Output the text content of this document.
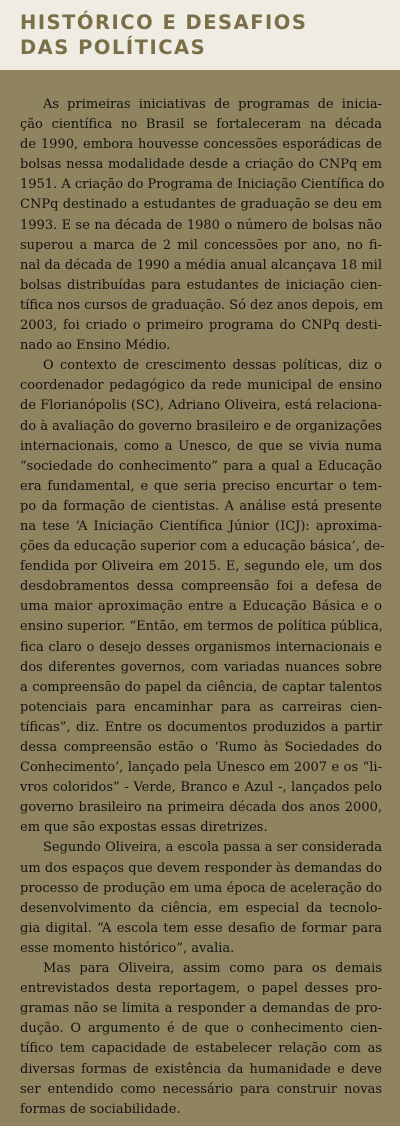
HISTÓRICO E DESAFIOS
DAS POLÍTICAS

As primeiras iniciativas de programas de inicia-
ção científica no Brasil se fortaleceram na década
de 1990, embora houvesse concessões esporádicas de
bolsas nessa modalidade desde a criação do CNPq em
1951. A criação do Programa de Iniciação Científica do
CNPq destinado a estudantes de graduação se deu em
1993. E se na década de 1980 o número de bolsas não
superou a marca de 2 mil concessões por ano, no fi-
nal da década de 1990 a média anual alcançava 18 mil
bolsas distribuídas para estudantes de iniciação cien-
tífica nos cursos de graduação. Só dez anos depois, em
2003, foi criado o primeiro programa do CNPq desti-
nado ao Ensino Médio.

O contexto de crescimento dessas políticas, diz o
coordenador pedagógico da rede municipal de ensino
de Florianópolis (SC), Adriano Oliveira, está relaciona-
do à avaliação do governo brasileiro e de organizações
internacionais, como a Unesco, de que se vivia numa
“sociedade do conhecimento” para a qual a Educação
era fundamental, e que seria preciso encurtar o tem-
po da formação de cientistas. A análise está presente
na tese ‘A Iniciação Científica Júnior (ICJ): aproxima-
ções da educação superior com a educação básica’, de-
fendida por Oliveira em 2015. E, segundo ele, um dos
desdobramentos dessa compreensão foi a defesa de
uma maior aproximação entre a Educação Básica e o
ensino superior. “Então, em termos de política pública,
fica claro o desejo desses organismos internacionais e
dos diferentes governos, com variadas nuances sobre
a compreensão do papel da ciência, de captar talentos
potenciais para encaminhar para as carreiras cien-
tíficas”, diz. Entre os documentos produzidos a partir
dessa compreensão estão o ‘Rumo às Sociedades do
Conhecimento’, lançado pela Unesco em 2007 e os “li-
vros coloridos” - Verde, Branco e Azul -, lançados pelo
governo brasileiro na primeira década dos anos 2000,
em que são expostas essas diretrizes.

Segundo Oliveira, a escola passa a ser considerada
um dos espaços que devem responder às demandas do
processo de produção em uma época de aceleração do
desenvolvimento da ciência, em especial da tecnolo-
gia digital. “A escola tem esse desafio de formar para
esse momento histórico”, avalia.

Mas para Oliveira, assim como para os demais
entrevistados desta reportagem, o papel desses pro-
gramas não se limita a responder a demandas de pro-
dução. O argumento é de que o conhecimento cien-
tífico tem capacidade de estabelecer relação com as
diversas formas de existência da humanidade e deve
ser entendido como necessário para construir novas
formas de sociabilidade.
